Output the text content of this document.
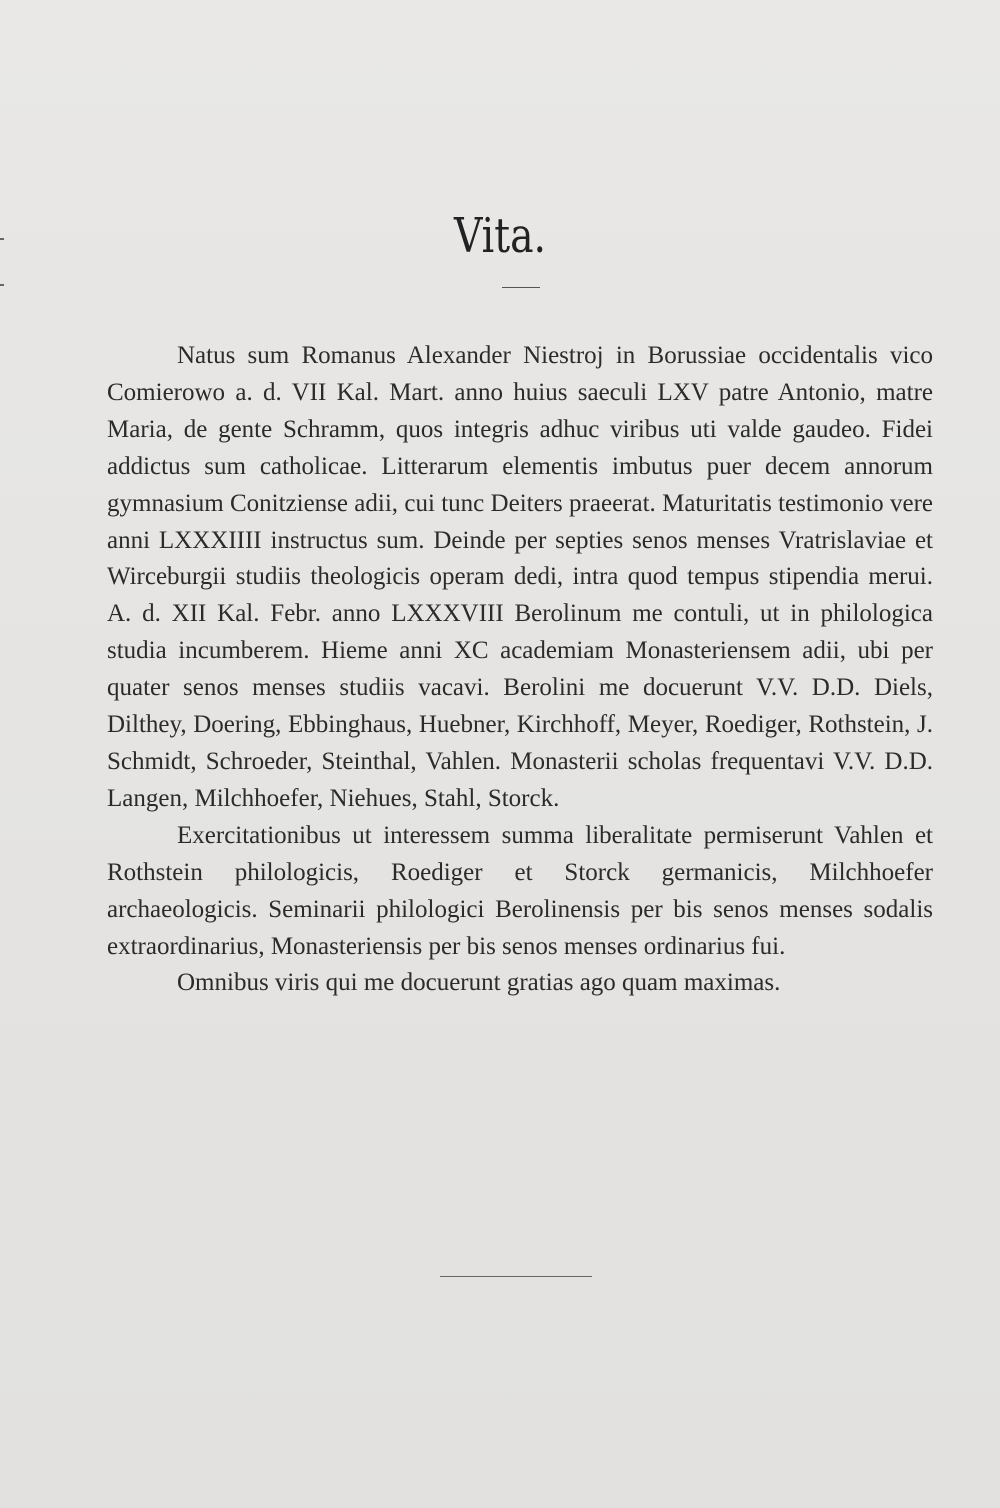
Vita.

Natus sum Romanus Alexander Niestroj in Borussiae occidentalis vico Comierowo a. d. VII Kal. Mart. anno huius saeculi LXV patre Antonio, matre Maria, de gente Schramm, quos integris adhuc viribus uti valde gaudeo. Fidei addictus sum catholicae. Litterarum elementis imbutus puer decem annorum gymnasium Conitziense adii, cui tunc Deiters praeerat. Maturitatis testimonio vere anni LXXXIIII instructus sum. Deinde per septies senos menses Vratrislaviae et Wirceburgii studiis theologicis operam dedi, intra quod tempus stipendia merui. A. d. XII Kal. Febr. anno LXXXVIII Berolinum me contuli, ut in philologica studia incumberem. Hieme anni XC academiam Monasteriensem adii, ubi per quater senos menses studiis vacavi. Berolini me docuerunt V.V. D.D. Diels, Dilthey, Doering, Ebbinghaus, Huebner, Kirchhoff, Meyer, Roediger, Rothstein, J. Schmidt, Schroeder, Steinthal, Vahlen. Monasterii scholas frequentavi V.V. D.D. Langen, Milchhoefer, Niehues, Stahl, Storck.

Exercitationibus ut interessem summa liberalitate permiserunt Vahlen et Rothstein philologicis, Roediger et Storck germanicis, Milchhoefer archaeologicis. Seminarii philologici Berolinensis per bis senos menses sodalis extraordinarius, Monasteriensis per bis senos menses ordinarius fui.

Omnibus viris qui me docuerunt gratias ago quam maximas.
